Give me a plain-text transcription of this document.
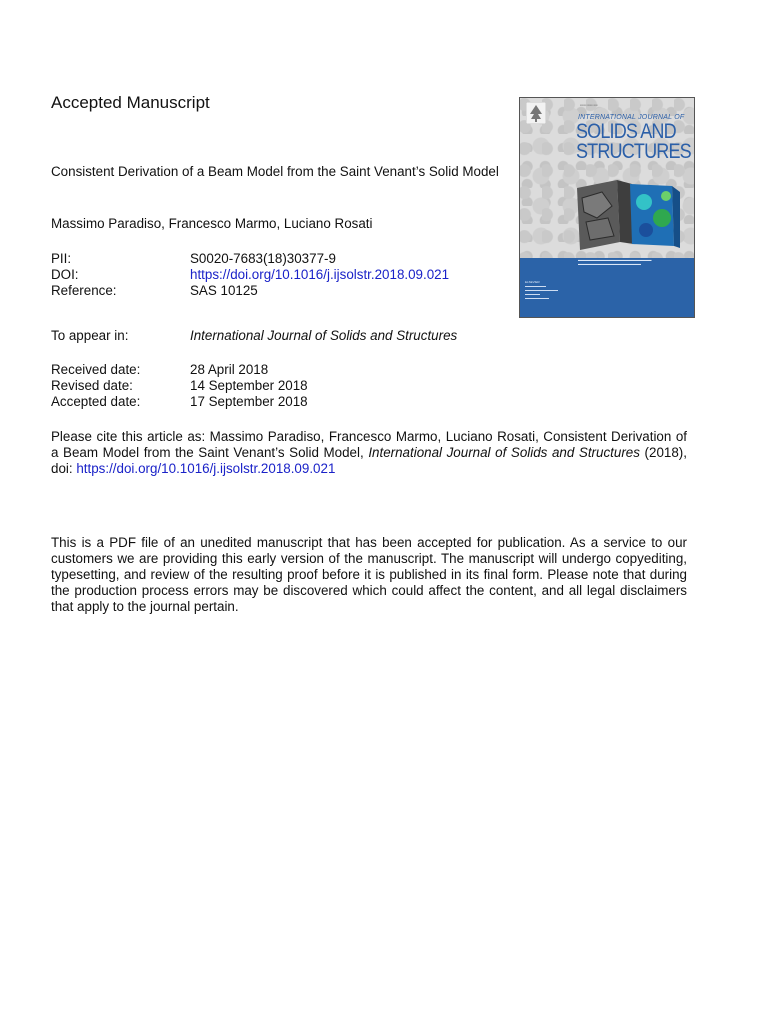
Accepted Manuscript
Consistent Derivation of a Beam Model from the Saint Venant’s Solid Model
Massimo Paradiso, Francesco Marmo, Luciano Rosati
PII:	S0020-7683(18)30377-9
DOI:	https://doi.org/10.1016/j.ijsolstr.2018.09.021
Reference:	SAS 10125
To appear in:	International Journal of Solids and Structures
Received date:	28 April 2018
Revised date:	14 September 2018
Accepted date:	17 September 2018
Please cite this article as: Massimo Paradiso, Francesco Marmo, Luciano Rosati, Consistent Derivation of a Beam Model from the Saint Venant’s Solid Model, International Journal of Solids and Structures (2018), doi: https://doi.org/10.1016/j.ijsolstr.2018.09.021
This is a PDF file of an unedited manuscript that has been accepted for publication. As a service to our customers we are providing this early version of the manuscript. The manuscript will undergo copyediting, typesetting, and review of the resulting proof before it is published in its final form. Please note that during the production process errors may be discovered which could affect the content, and all legal disclaimers that apply to the journal pertain.
▪▪▪▪▪▪ ▪▪▪▪▪ ▪▪▪▪
INTERNATIONAL JOURNAL OF
SOLIDS AND STRUCTURES
▬▬▬▬▬▬▬▬▬▬▬▬▬▬▬▬▬▬▬▬▬
▬▬▬▬▬▬▬▬▬▬▬▬▬▬▬▬▬▬
ELSEVIER
▬▬▬▬▬▬▬
▬▬▬▬▬▬▬▬▬▬▬
▬▬▬▬▬
▬▬▬▬▬▬▬▬
